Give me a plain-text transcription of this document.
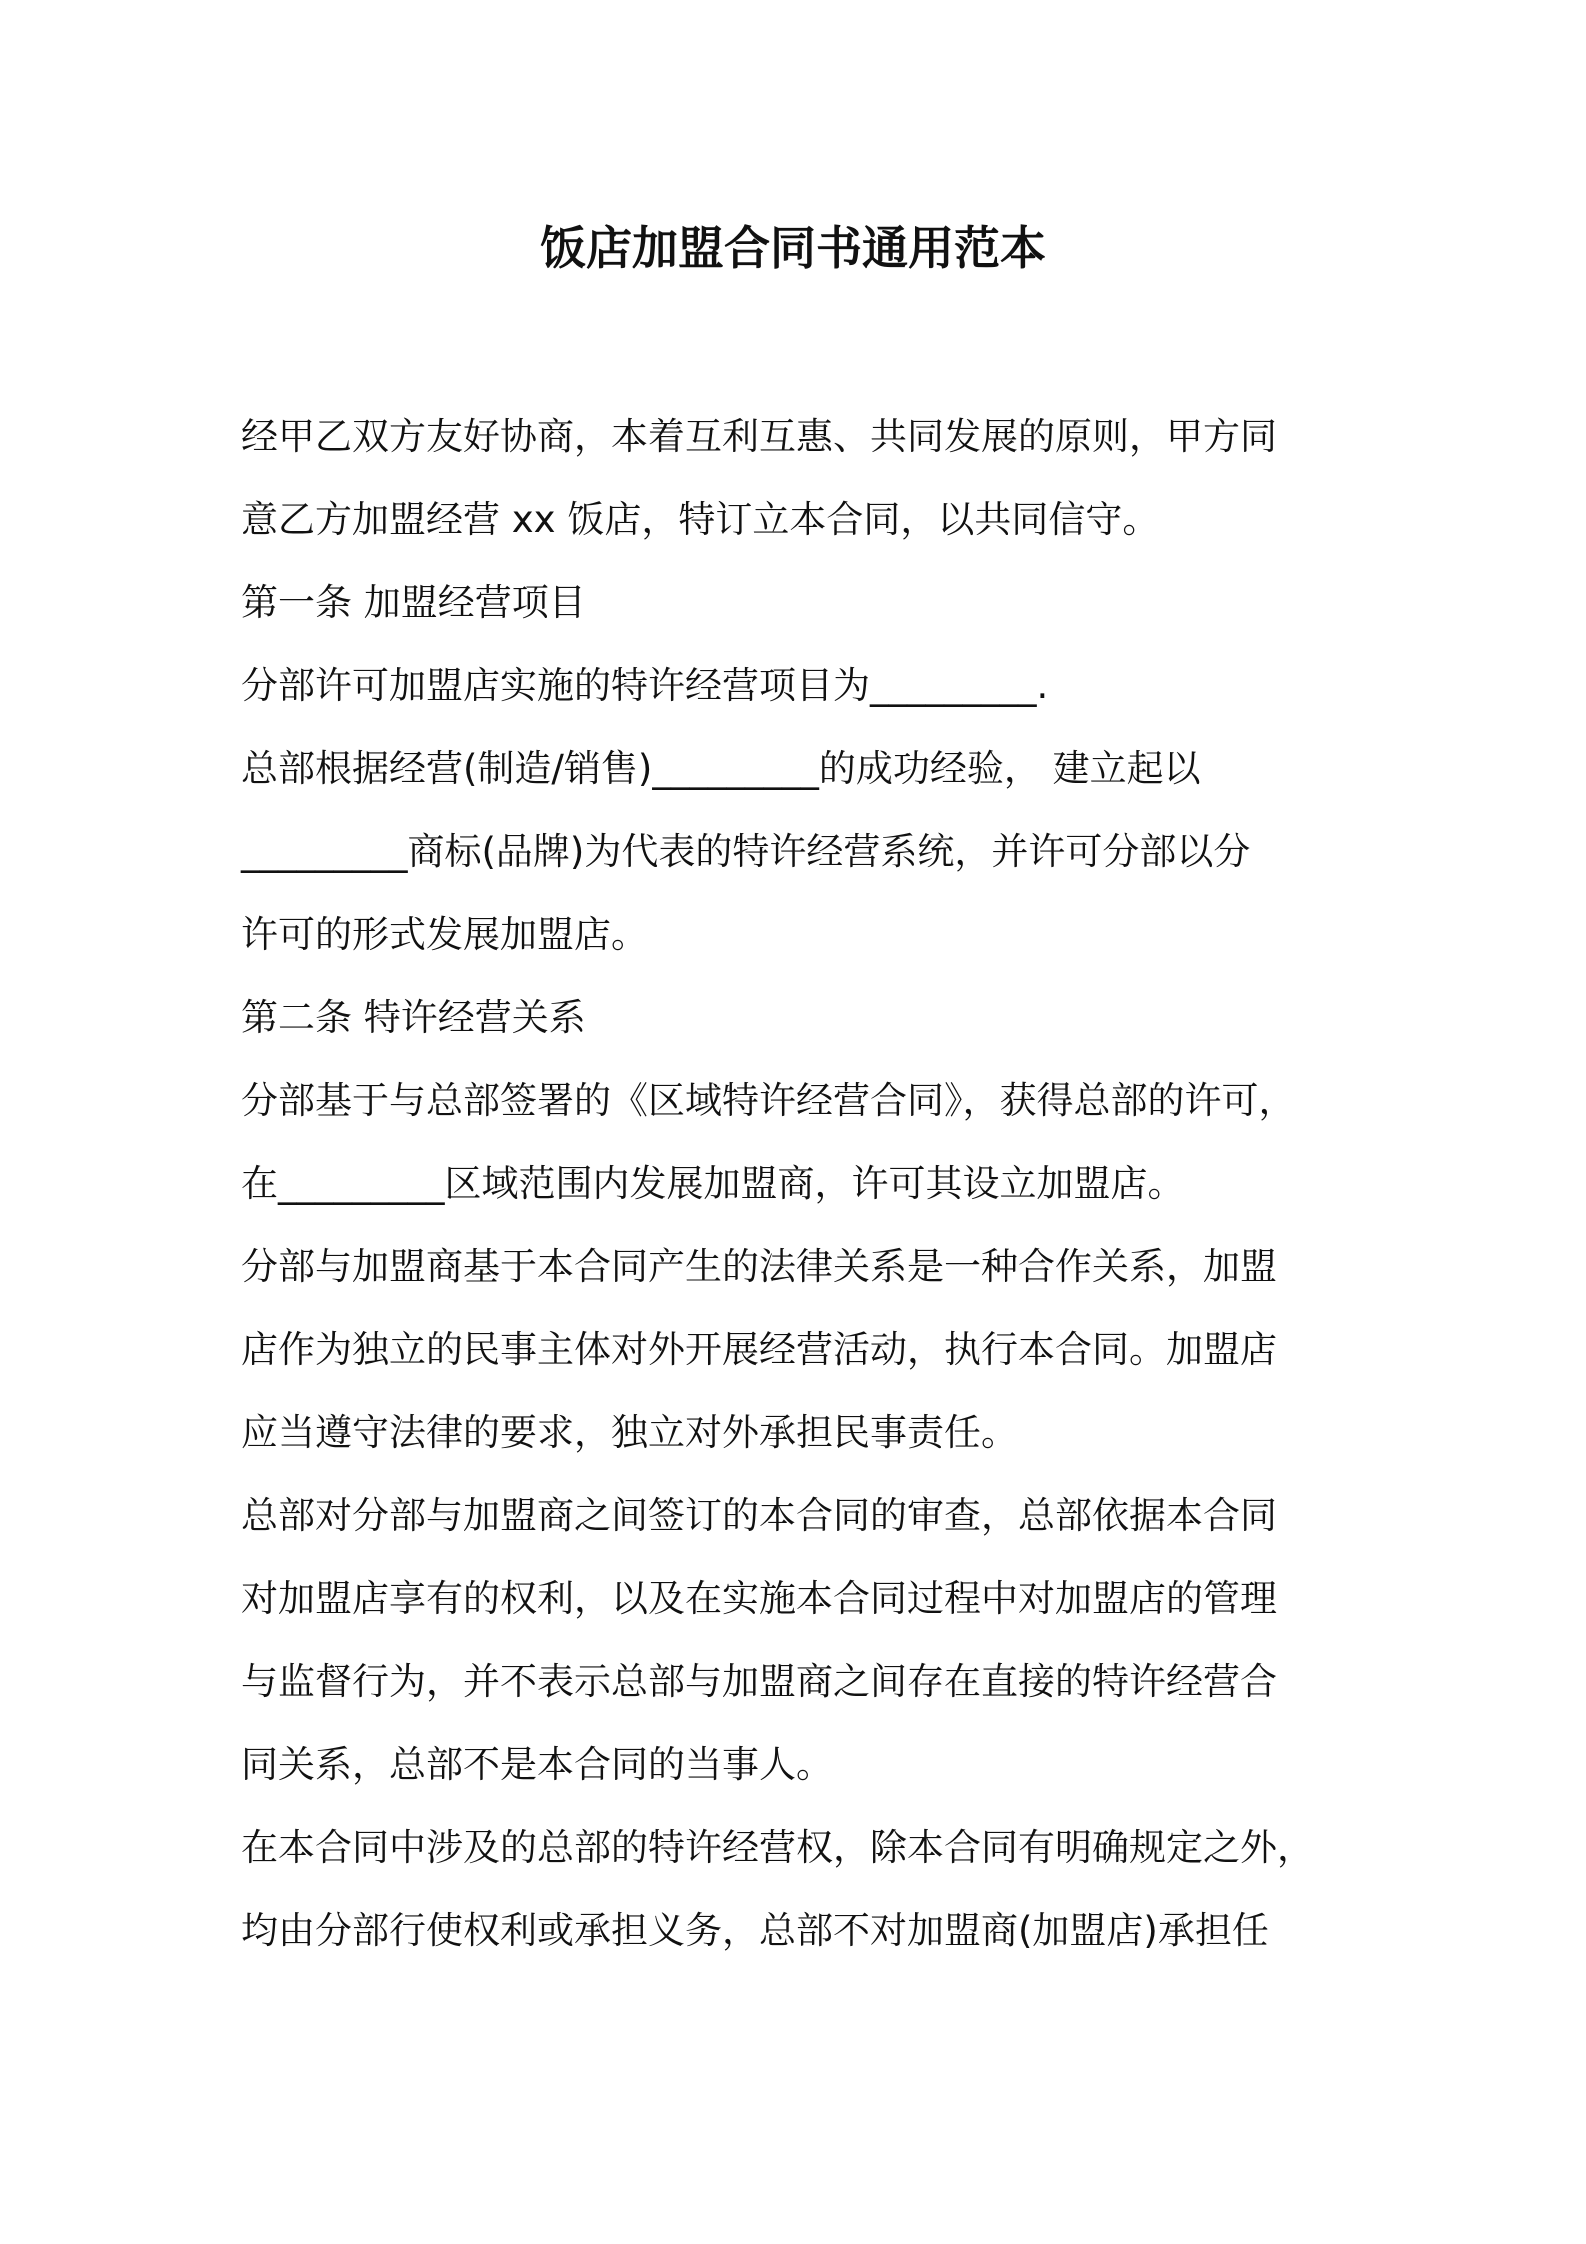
饭店加盟合同书通用范本
经甲乙双方友好协商，本着互利互惠、共同发展的原则，甲方同
意乙方加盟经营 xx 饭店，特订立本合同，以共同信守。
第一条 加盟经营项目
分部许可加盟店实施的特许经营项目为_________.
总部根据经营(制造/销售)_________的成功经验， 建立起以
_________商标(品牌)为代表的特许经营系统，并许可分部以分
许可的形式发展加盟店。
第二条 特许经营关系
分部基于与总部签署的《区域特许经营合同》，获得总部的许可，
在_________区域范围内发展加盟商，许可其设立加盟店。
分部与加盟商基于本合同产生的法律关系是一种合作关系，加盟
店作为独立的民事主体对外开展经营活动，执行本合同。加盟店
应当遵守法律的要求，独立对外承担民事责任。
总部对分部与加盟商之间签订的本合同的审查，总部依据本合同
对加盟店享有的权利，以及在实施本合同过程中对加盟店的管理
与监督行为，并不表示总部与加盟商之间存在直接的特许经营合
同关系，总部不是本合同的当事人。
在本合同中涉及的总部的特许经营权，除本合同有明确规定之外，
均由分部行使权利或承担义务，总部不对加盟商(加盟店)承担任
